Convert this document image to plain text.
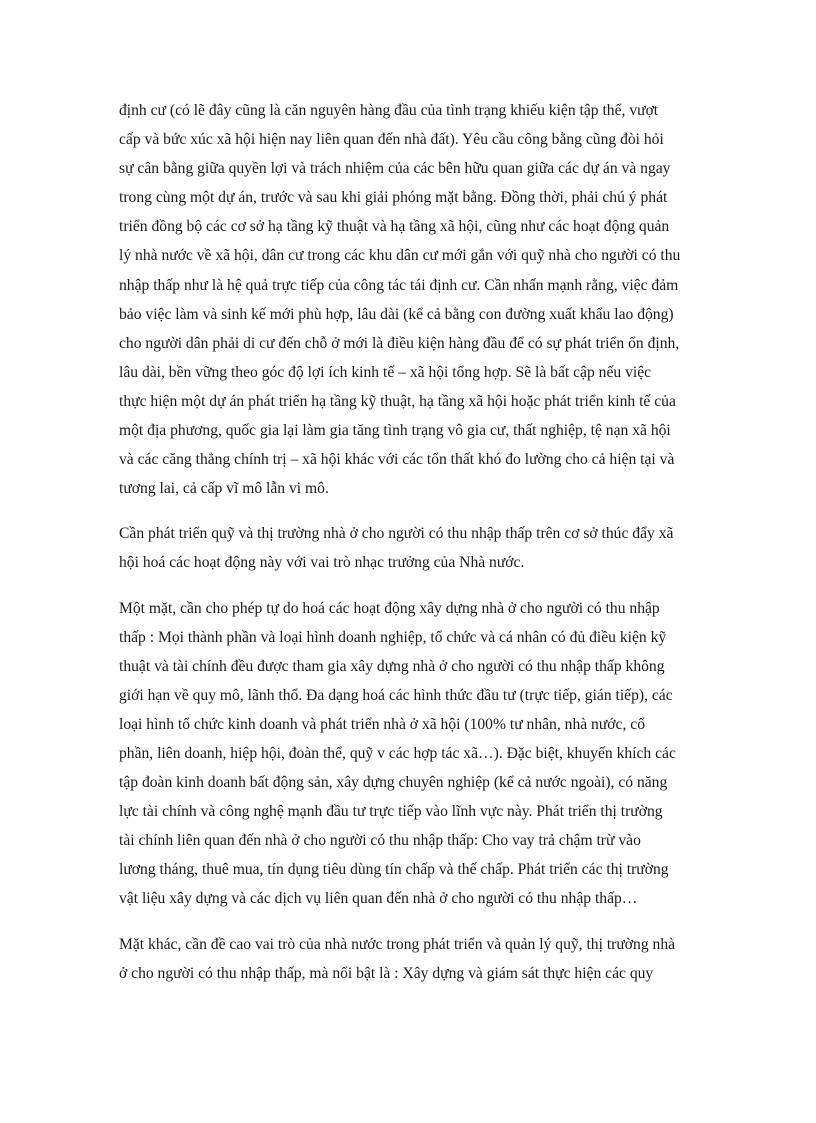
định cư (có lẽ đây cũng là căn nguyên hàng đầu của tình trạng khiếu kiện tập thể, vượt
cấp và bức xúc xã hội hiện nay liên quan đến nhà đất). Yêu cầu công bằng cũng đòi hỏi
sự cân bằng giữa quyền lợi và trách nhiệm của các bên hữu quan giữa các dự án và ngay
trong cùng một dự án, trước và sau khi giải phóng mặt bằng. Đồng thời, phải chú ý phát
triển đồng bộ các cơ sở hạ tầng kỹ thuật và hạ tầng xã hội, cũng như các hoạt động quản
lý nhà nước về xã hội, dân cư trong các khu dân cư mới gắn với quỹ nhà cho người có thu
nhập thấp như là hệ quả trực tiếp của công tác tái định cư. Cần nhấn mạnh rằng, việc đảm
bảo việc làm và sinh kế mới phù hợp, lâu dài (kể cả bằng con đường xuất khẩu lao động)
cho người dân phải di cư đến chỗ ở mới là điều kiện hàng đầu để có sự phát triển ổn định,
lâu dài, bền vững theo góc độ lợi ích kinh tế – xã hội tổng hợp. Sẽ là bất cập nếu việc
thực hiện một dự án phát triển hạ tầng kỹ thuật, hạ tầng xã hội hoặc phát triển kinh tế của
một địa phương, quốc gia lại làm gia tăng tình trạng vô gia cư, thất nghiệp, tệ nạn xã hội
và các căng thẳng chính trị – xã hội khác với các tổn thất khó đo lường cho cả hiện tại và
tương lai, cả cấp vĩ mô lẫn vi mô.

Cần phát triển quỹ và thị trường nhà ở cho người có thu nhập thấp trên cơ sở thúc đẩy xã
hội hoá các hoạt động này với vai trò nhạc trưởng của Nhà nước.

Một mặt, cần cho phép tự do hoá các hoạt động xây dựng nhà ở cho người có thu nhập
thấp : Mọi thành phần và loại hình doanh nghiệp, tổ chức và cá nhân có đủ điều kiện kỹ
thuật và tài chính đều được tham gia xây dựng nhà ở cho người có thu nhập thấp không
giới hạn về quy mô, lãnh thổ. Đa dạng hoá các hình thức đầu tư (trực tiếp, gián tiếp), các
loại hình tổ chức kinh doanh và phát triển nhà ở xã hội (100% tư nhân, nhà nước, cổ
phần, liên doanh, hiệp hội, đoàn thể, quỹ v các hợp tác xã…). Đặc biệt, khuyến khích các
tập đoàn kinh doanh bất động sản, xây dựng chuyên nghiệp (kể cả nước ngoài), có năng
lực tài chính và công nghệ mạnh đầu tư trực tiếp vào lĩnh vực này. Phát triển thị trường
tài chính liên quan đến nhà ở cho người có thu nhập thấp: Cho vay trả chậm trừ vào
lương tháng, thuê mua, tín dụng tiêu dùng tín chấp và thế chấp. Phát triển các thị trường
vật liệu xây dựng và các dịch vụ liên quan đến nhà ở cho người có thu nhập thấp…

Mặt khác, cần đề cao vai trò của nhà nước trong phát triển và quản lý quỹ, thị trường nhà
ở cho người có thu nhập thấp, mà nổi bật là : Xây dựng và giám sát thực hiện các quy
